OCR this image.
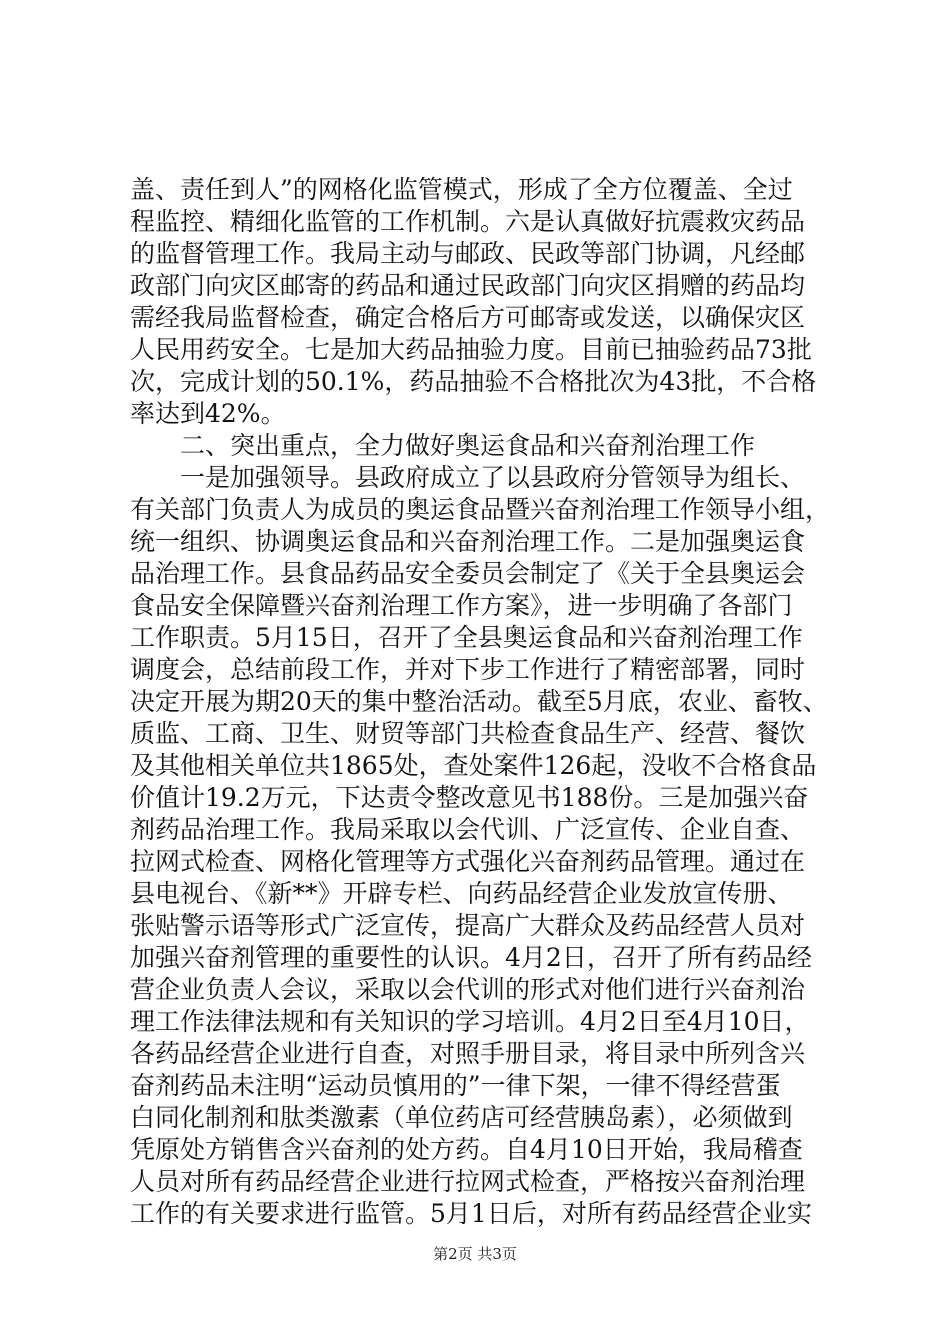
盖、责任到人”的网格化监管模式，形成了全方位覆盖、全过
程监控、精细化监管的工作机制。六是认真做好抗震救灾药品
的监督管理工作。我局主动与邮政、民政等部门协调，凡经邮
政部门向灾区邮寄的药品和通过民政部门向灾区捐赠的药品均
需经我局监督检查，确定合格后方可邮寄或发送，以确保灾区
人民用药安全。七是加大药品抽验力度。目前已抽验药品73批
次，完成计划的50.1%，药品抽验不合格批次为43批，不合格
率达到42%。
　　二、突出重点，全力做好奥运食品和兴奋剂治理工作
　　一是加强领导。县政府成立了以县政府分管领导为组长、
有关部门负责人为成员的奥运食品暨兴奋剂治理工作领导小组，
统一组织、协调奥运食品和兴奋剂治理工作。二是加强奥运食
品治理工作。县食品药品安全委员会制定了《关于全县奥运会
食品安全保障暨兴奋剂治理工作方案》，进一步明确了各部门
工作职责。5月15日，召开了全县奥运食品和兴奋剂治理工作
调度会，总结前段工作，并对下步工作进行了精密部署，同时
决定开展为期20天的集中整治活动。截至5月底，农业、畜牧、
质监、工商、卫生、财贸等部门共检查食品生产、经营、餐饮
及其他相关单位共1865处，查处案件126起，没收不合格食品
价值计19.2万元，下达责令整改意见书188份。三是加强兴奋
剂药品治理工作。我局采取以会代训、广泛宣传、企业自查、
拉网式检查、网格化管理等方式强化兴奋剂药品管理。通过在
县电视台、《新**》开辟专栏、向药品经营企业发放宣传册、
张贴警示语等形式广泛宣传，提高广大群众及药品经营人员对
加强兴奋剂管理的重要性的认识。4月2日，召开了所有药品经
营企业负责人会议，采取以会代训的形式对他们进行兴奋剂治
理工作法律法规和有关知识的学习培训。4月2日至4月10日，
各药品经营企业进行自查，对照手册目录，将目录中所列含兴
奋剂药品未注明“运动员慎用的”一律下架，一律不得经营蛋
白同化制剂和肽类激素（单位药店可经营胰岛素），必须做到
凭原处方销售含兴奋剂的处方药。自4月10日开始，我局稽查
人员对所有药品经营企业进行拉网式检查，严格按兴奋剂治理
工作的有关要求进行监管。5月1日后，对所有药品经营企业实
第2页 共3页
